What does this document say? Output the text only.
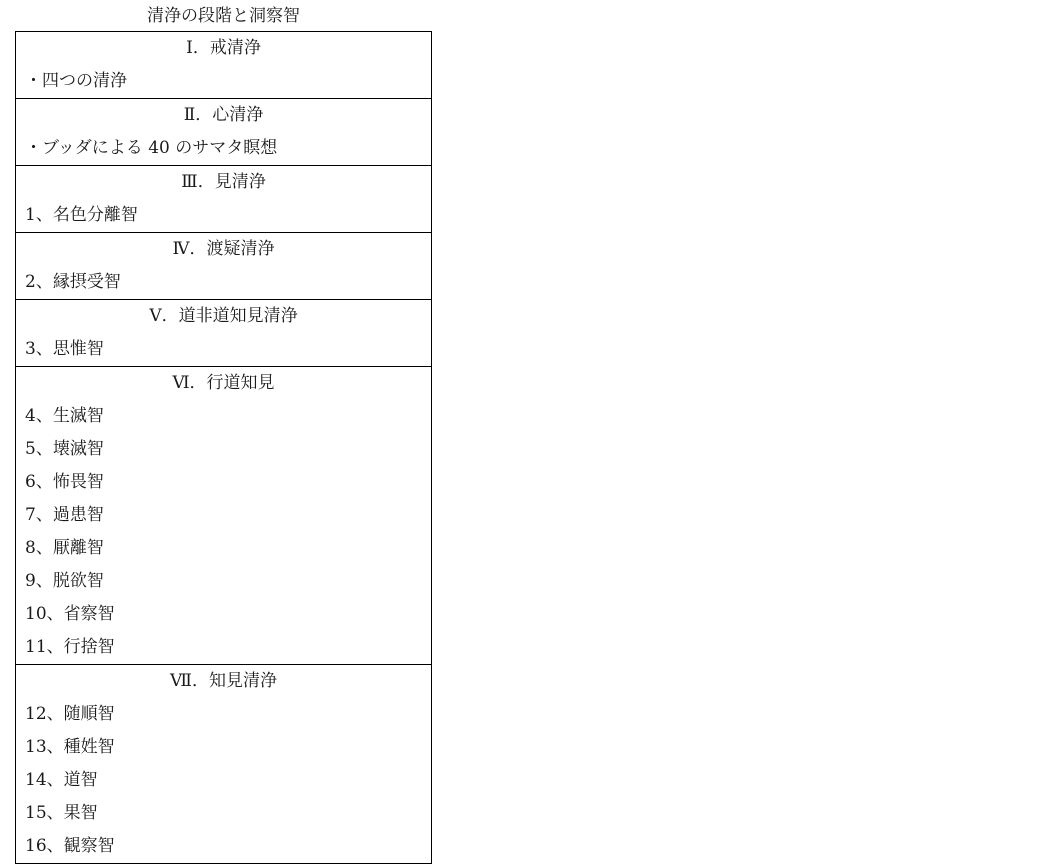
清浄の段階と洞察智
Ⅰ．戒清浄
・四つの清浄
Ⅱ．心清浄
・ブッダによる 40 のサマタ瞑想
Ⅲ．見清浄
1、名色分離智
Ⅳ．渡疑清浄
2、縁摂受智
Ⅴ．道非道知見清浄
3、思惟智
Ⅵ．行道知見
4、生滅智
5、壊滅智
6、怖畏智
7、過患智
8、厭離智
9、脱欲智
10、省察智
11、行捨智
Ⅶ．知見清浄
12、随順智
13、種姓智
14、道智
15、果智
16、観察智
